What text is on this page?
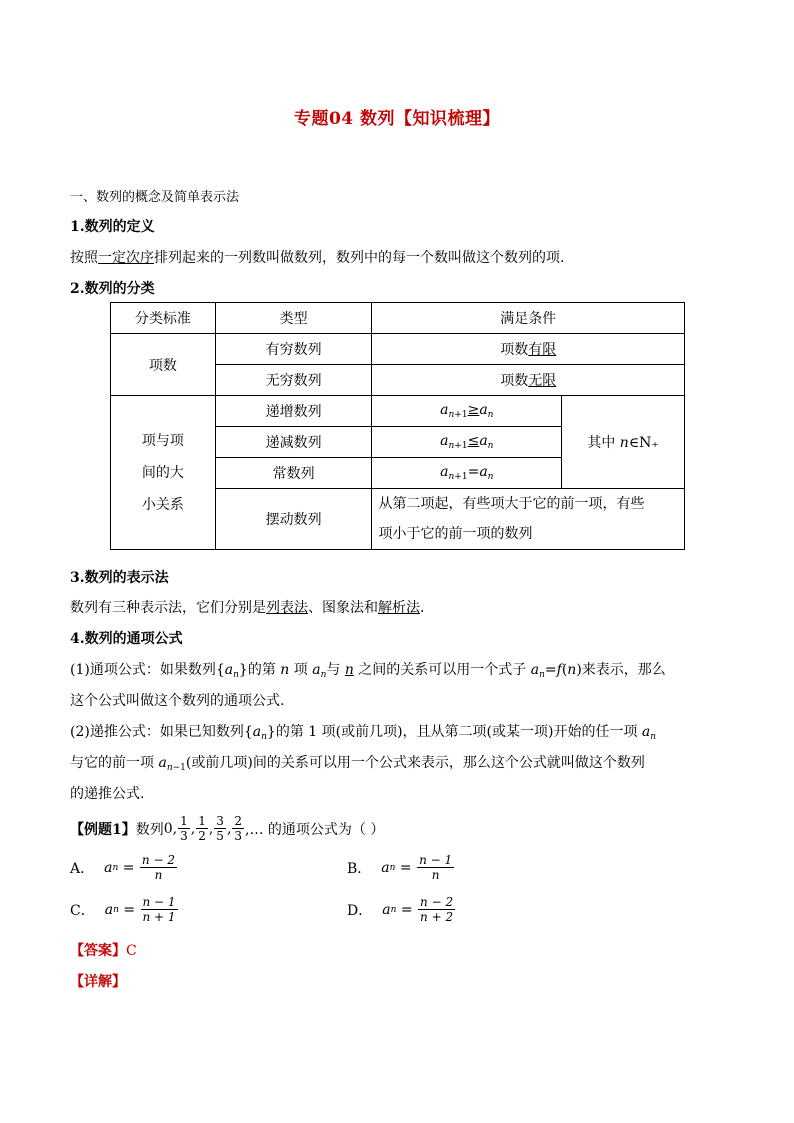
专题04 数列【知识梳理】
一、数列的概念及简单表示法
1.数列的定义
按照一定次序排列起来的一列数叫做数列，数列中的每一个数叫做这个数列的项.
2.数列的分类
分类标准	类型	满足条件	
项数	有穷数列	项数有限	
	无穷数列	项数无限	

项与项
间的大
小关系	递增数列	$a_{n+1}\ge a_n$	其中 n∈N₊
	递减数列	$a_{n+1}\le a_n$
	常数列	$a_{n+1}=a_n$
	摆动数列	从第二项起，有些项大于它的前一项，有些
项小于它的前一项的数列	
3.数列的表示法
数列有三种表示法，它们分别是列表法、图象法和解析法.
4.数列的通项公式
(1)通项公式：如果数列$\{a_n\}$的第 n 项 $a_n$与 n 之间的关系可以用一个式子 $a_n=f(n)$来表示，那么
这个公式叫做这个数列的通项公式.
(2)递推公式：如果已知数列$\{a_n\}$的第 1 项(或前几项)，且从第二项(或某一项)开始的任一项 $a_n$
与它的前一项 $a_{n-1}$(或前几项)间的关系可以用一个公式来表示，那么这个公式就叫做这个数列
的递推公式.
【例题1】 数列 0, $\frac{1}{3}$ , $\frac{1}{2}$ , $\frac{3}{5}$ , $\frac{2}{3}$ ,… 的通项公式为（ ）
A． a $n = \frac{n - 2}{n}$	B． a $n = \frac{n - 1}{n}$
C． a $n = \frac{n - 1}{n + 1}$	D． a $n = \frac{n - 2}{n + 2}$
【答案】C
【详解】
